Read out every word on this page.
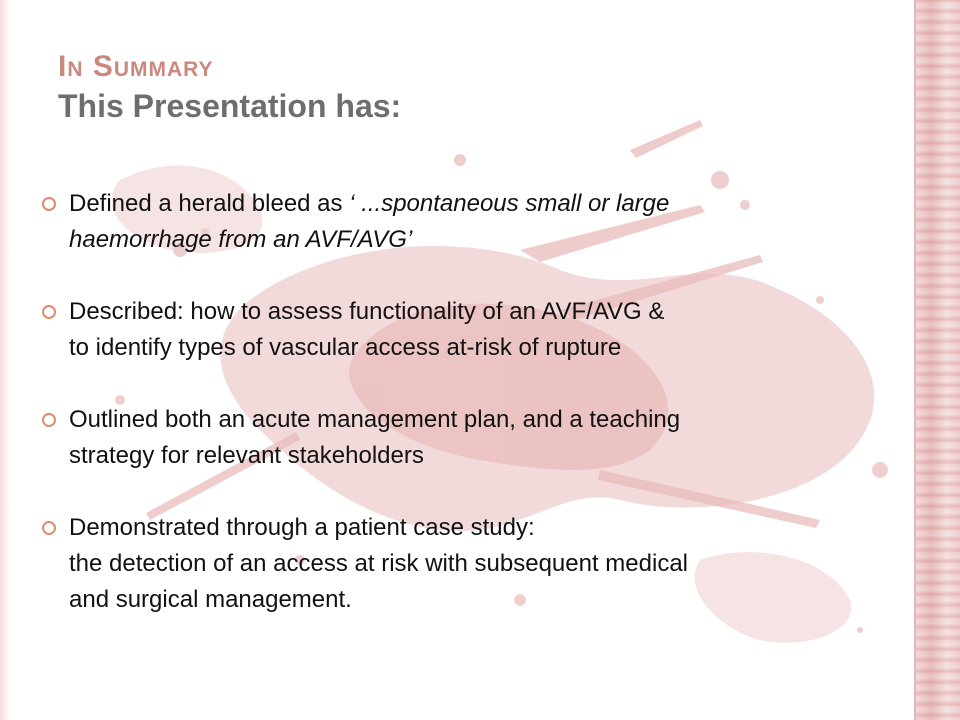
In Summary
This Presentation has:
Defined a herald bleed as ‘ ...spontaneous small or large
haemorrhage from an AVF/AVG’
Described: how to assess functionality of an AVF/AVG &
to identify types of vascular access at-risk of rupture
Outlined both an acute management plan, and a teaching
strategy for relevant stakeholders
Demonstrated through a patient case study:
the detection of an access at risk with subsequent medical
and surgical management.
